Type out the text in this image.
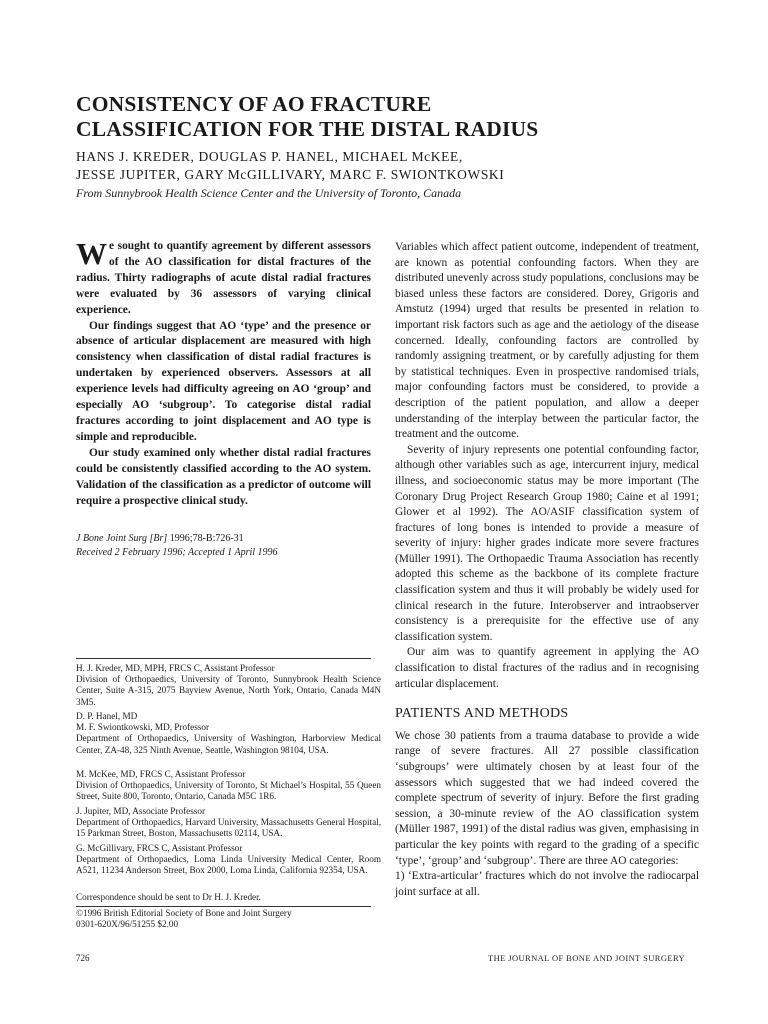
CONSISTENCY OF AO FRACTURE
CLASSIFICATION FOR THE DISTAL RADIUS
HANS J. KREDER, DOUGLAS P. HANEL, MICHAEL McKEE,
JESSE JUPITER, GARY McGILLIVARY, MARC F. SWIONTKOWSKI
From Sunnybrook Health Science Center and the University of Toronto, Canada

We sought to quantify agreement by different assessors of the AO classification for distal fractures of the radius. Thirty radiographs of acute distal radial fractures were evaluated by 36 assessors of varying clinical experience.

Our findings suggest that AO ‘type’ and the presence or absence of articular displacement are measured with high consistency when classification of distal radial fractures is undertaken by experienced observers. Assessors at all experience levels had difficulty agreeing on AO ‘group’ and especially AO ‘subgroup’. To categorise distal radial fractures according to joint displacement and AO type is simple and reproducible.

Our study examined only whether distal radial fractures could be consistently classified according to the AO system. Validation of the classification as a predictor of outcome will require a prospective clinical study.

J Bone Joint Surg [Br] 1996;78-B:726-31
Received 2 February 1996; Accepted 1 April 1996
H. J. Kreder, MD, MPH, FRCS C, Assistant Professor
Division of Orthopaedics, University of Toronto, Sunnybrook Health Science Center, Suite A-315, 2075 Bayview Avenue, North York, Ontario, Canada M4N 3M5.
D. P. Hanel, MD
M. F. Swiontkowski, MD, Professor
Department of Orthopaedics, University of Washington, Harborview Medical Center, ZA-48, 325 Ninth Avenue, Seattle, Washington 98104, USA.
M. McKee, MD, FRCS C, Assistant Professor
Division of Orthopaedics, University of Toronto, St Michael’s Hospital, 55 Queen Street, Suite 800, Toronto, Ontario, Canada M5C 1R6.
J. Jupiter, MD, Associate Professor
Department of Orthopaedics, Harvard University, Massachusetts General Hospital, 15 Parkman Street, Boston, Massachusetts 02114, USA.
G. McGillivary, FRCS C, Assistant Professor
Department of Orthopaedics, Loma Linda University Medical Center, Room A521, 11234 Anderson Street, Box 2000, Loma Linda, California 92354, USA.
Correspondence should be sent to Dr H. J. Kreder.
©1996 British Editorial Society of Bone and Joint Surgery
0301-620X/96/51255 $2.00

Variables which affect patient outcome, independent of treatment, are known as potential confounding factors. When they are distributed unevenly across study populations, conclusions may be biased unless these factors are considered. Dorey, Grigoris and Amstutz (1994) urged that results be presented in relation to important risk factors such as age and the aetiology of the disease concerned. Ideally, confounding factors are controlled by randomly assigning treatment, or by carefully adjusting for them by statistical techniques. Even in prospective randomised trials, major confounding factors must be considered, to provide a description of the patient population, and allow a deeper understanding of the interplay between the particular factor, the treatment and the outcome.

Severity of injury represents one potential confounding factor, although other variables such as age, intercurrent injury, medical illness, and socioeconomic status may be more important (The Coronary Drug Project Research Group 1980; Caine et al 1991; Glower et al 1992). The AO/ASIF classification system of fractures of long bones is intended to provide a measure of severity of injury: higher grades indicate more severe fractures (Müller 1991). The Orthopaedic Trauma Association has recently adopted this scheme as the backbone of its complete fracture classification system and thus it will probably be widely used for clinical research in the future. Interobserver and intraobserver consistency is a prerequisite for the effective use of any classification system.

Our aim was to quantify agreement in applying the AO classification to distal fractures of the radius and in recognising articular displacement.

PATIENTS AND METHODS

We chose 30 patients from a trauma database to provide a wide range of severe fractures. All 27 possible classification ‘subgroups’ were ultimately chosen by at least four of the assessors which suggested that we had indeed covered the complete spectrum of severity of injury. Before the first grading session, a 30-minute review of the AO classification system (Müller 1987, 1991) of the distal radius was given, emphasising in particular the key points with regard to the grading of a specific ‘type’, ‘group’ and ‘subgroup’. There are three AO categories:

1) ‘Extra-articular’ fractures which do not involve the radiocarpal joint surface at all.

726	THE JOURNAL OF BONE AND JOINT SURGERY
